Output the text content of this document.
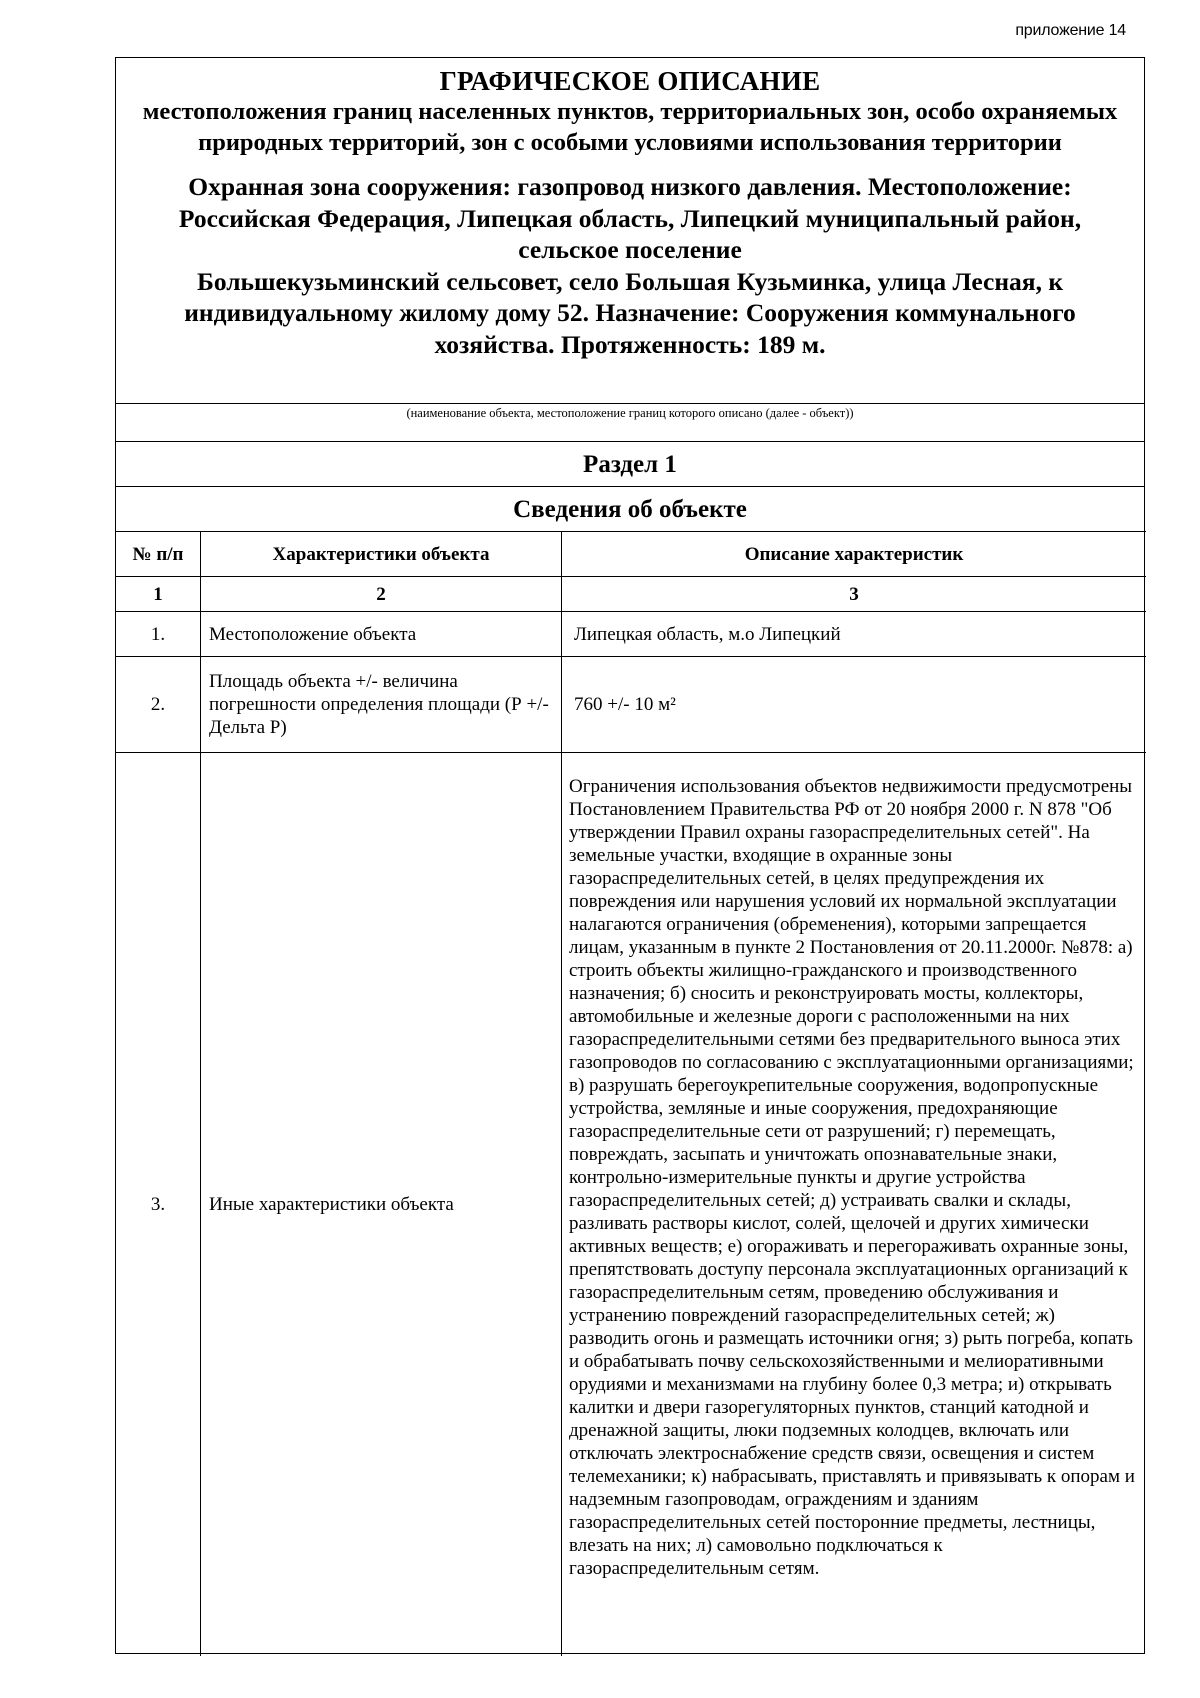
приложение 14
ГРАФИЧЕСКОЕ ОПИСАНИЕ
местоположения границ населенных пунктов, территориальных зон, особо охраняемых природных территорий, зон с особыми условиями использования территории
Охранная зона сооружения: газопровод низкого давления. Местоположение:
Российская Федерация, Липецкая область, Липецкий муниципальный район,
сельское поселение
Большекузьминский сельсовет, село Большая Кузьминка, улица Лесная, к
индивидуальному жилому дому 52. Назначение: Сооружения коммунального
хозяйства. Протяженность: 189 м.
(наименование объекта, местоположение границ которого описано (далее - объект))
Раздел 1
Сведения об объекте
№ п/п	Характеристики объекта	Описание характеристик
1	2	3
1.	Местоположение объекта	Липецкая область, м.о Липецкий
2.	Площадь объекта +/- величина погрешности определения площади (Р +/- Дельта Р)	760 +/- 10 м²
3.	Иные характеристики объекта	Ограничения использования объектов недвижимости предусмотрены Постановлением Правительства РФ от 20 ноября 2000 г. N 878 "Об утверждении Правил охраны газораспределительных сетей". На земельные участки, входящие в охранные зоны газораспределительных сетей, в целях предупреждения их повреждения или нарушения условий их нормальной эксплуатации налагаются ограничения (обременения), которыми запрещается лицам, указанным в пункте 2 Постановления от 20.11.2000г. №878: а) строить объекты жилищно-гражданского и производственного назначения; б) сносить и реконструировать мосты, коллекторы, автомобильные и железные дороги с расположенными на них газораспределительными сетями без предварительного выноса этих газопроводов по согласованию с эксплуатационными организациями; в) разрушать берегоукрепительные сооружения, водопропускные устройства, земляные и иные сооружения, предохраняющие газораспределительные сети от разрушений; г) перемещать, повреждать, засыпать и уничтожать опознавательные знаки, контрольно-измерительные пункты и другие устройства газораспределительных сетей; д) устраивать свалки и склады, разливать растворы кислот, солей, щелочей и других химически активных веществ; е) огораживать и перегораживать охранные зоны, препятствовать доступу персонала эксплуатационных организаций к газораспределительным сетям, проведению обслуживания и устранению повреждений газораспределительных сетей; ж) разводить огонь и размещать источники огня; з) рыть погреба, копать и обрабатывать почву сельскохозяйственными и мелиоративными орудиями и механизмами на глубину более 0,3 метра; и) открывать калитки и двери газорегуляторных пунктов, станций катодной и дренажной защиты, люки подземных колодцев, включать или отключать электроснабжение средств связи, освещения и систем телемеханики; к) набрасывать, приставлять и привязывать к опорам и надземным газопроводам, ограждениям и зданиям газораспределительных сетей посторонние предметы, лестницы, влезать на них; л) самовольно подключаться к газораспределительным сетям.
